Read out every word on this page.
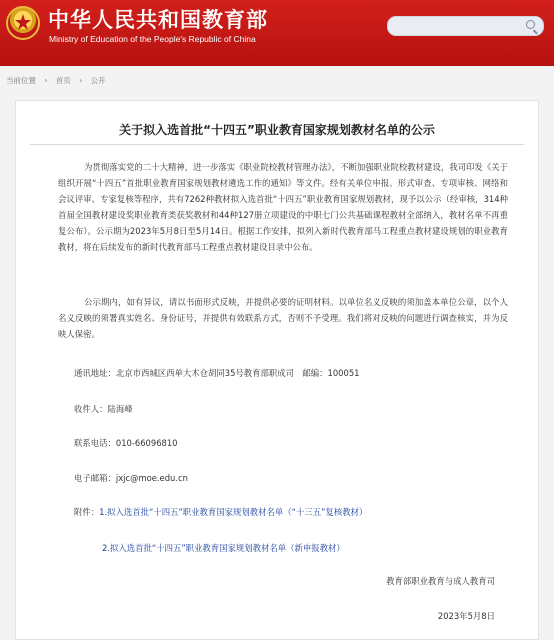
中华人民共和国教育部
Ministry of Education of the People's Republic of China
当前位置 › 首页 › 公开
关于拟入选首批“十四五”职业教育国家规划教材名单的公示

为贯彻落实党的二十大精神，进一步落实《职业院校教材管理办法》，不断加强职业院校教材建设，我司印发《关于组织开展“十四五”首批职业教育国家规划教材遴选工作的通知》等文件。经有关单位申报、形式审查、专项审核、网络和会议评审、专家复核等程序，共有7262种教材拟入选首批“十四五”职业教育国家规划教材，现予以公示（经审核，314种首届全国教材建设奖职业教育类获奖教材和44种127册立项建设的中职七门公共基础课程教材全部纳入，教材名单不再重复公布）。公示期为2023年5月8日至5月14日。根据工作安排，拟列入新时代教育部马工程重点教材建设规划的职业教育教材，将在后续发布的新时代教育部马工程重点教材建设目录中公布。

公示期内，如有异议，请以书面形式反映，并提供必要的证明材料。以单位名义反映的须加盖本单位公章，以个人名义反映的须署真实姓名、身份证号，并提供有效联系方式，否则不予受理。我们将对反映的问题进行调查核实，并为反映人保密。

通讯地址：北京市西城区西单大木仓胡同35号教育部职成司　邮编：100051
收件人：陆海峰
联系电话：010-66096810
电子邮箱：jxjc@moe.edu.cn
附件：1.拟入选首批“十四五”职业教育国家规划教材名单（“十三五”复核教材）
2.拟入选首批“十四五”职业教育国家规划教材名单（新申报教材）
教育部职业教育与成人教育司
2023年5月8日
